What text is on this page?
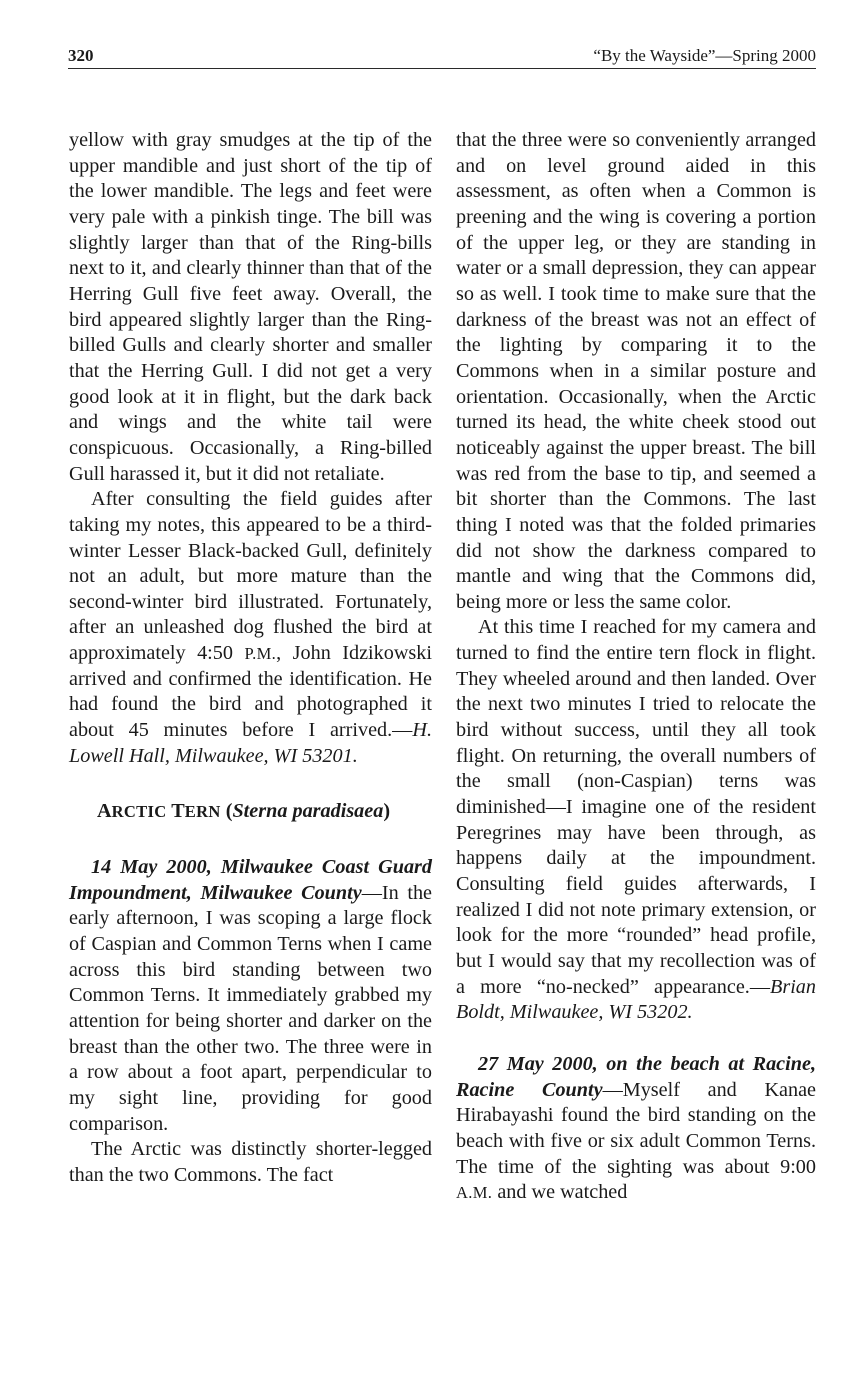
320	“By the Wayside”—Spring 2000

yellow with gray smudges at the tip of the upper mandible and just short of the tip of the lower mandible. The legs and feet were very pale with a pinkish tinge. The bill was slightly larger than that of the Ring-bills next to it, and clearly thinner than that of the Herring Gull five feet away. Overall, the bird appeared slightly larger than the Ring-billed Gulls and clearly shorter and smaller that the Herring Gull. I did not get a very good look at it in flight, but the dark back and wings and the white tail were conspicuous. Occasionally, a Ring-billed Gull harassed it, but it did not retaliate.

After consulting the field guides after taking my notes, this appeared to be a third-winter Lesser Black-backed Gull, definitely not an adult, but more mature than the second-winter bird illustrated. Fortunately, after an unleashed dog flushed the bird at approximately 4:50 P.M., John Idzikowski arrived and confirmed the identification. He had found the bird and photographed it about 45 minutes before I arrived.—H. Lowell Hall, Milwaukee, WI 53201.

ARCTIC TERN (Sterna paradisaea)

14 May 2000, Milwaukee Coast Guard Impoundment, Milwaukee County—In the early afternoon, I was scoping a large flock of Caspian and Common Terns when I came across this bird standing between two Common Terns. It immediately grabbed my attention for being shorter and darker on the breast than the other two. The three were in a row about a foot apart, perpendicular to my sight line, providing for good comparison.

The Arctic was distinctly shorter-legged than the two Commons. The fact

that the three were so conveniently arranged and on level ground aided in this assessment, as often when a Common is preening and the wing is covering a portion of the upper leg, or they are standing in water or a small depression, they can appear so as well. I took time to make sure that the darkness of the breast was not an effect of the lighting by comparing it to the Commons when in a similar posture and orientation. Occasionally, when the Arctic turned its head, the white cheek stood out noticeably against the upper breast. The bill was red from the base to tip, and seemed a bit shorter than the Commons. The last thing I noted was that the folded primaries did not show the darkness compared to mantle and wing that the Commons did, being more or less the same color.

At this time I reached for my camera and turned to find the entire tern flock in flight. They wheeled around and then landed. Over the next two minutes I tried to relocate the bird without success, until they all took flight. On returning, the overall numbers of the small (non-Caspian) terns was diminished—I imagine one of the resident Peregrines may have been through, as happens daily at the impoundment. Consulting field guides afterwards, I realized I did not note primary extension, or look for the more “rounded” head profile, but I would say that my recollection was of a more “no-necked” appearance.—Brian Boldt, Milwaukee, WI 53202.

27 May 2000, on the beach at Racine, Racine County—Myself and Kanae Hirabayashi found the bird standing on the beach with five or six adult Common Terns. The time of the sighting was about 9:00 A.M. and we watched
